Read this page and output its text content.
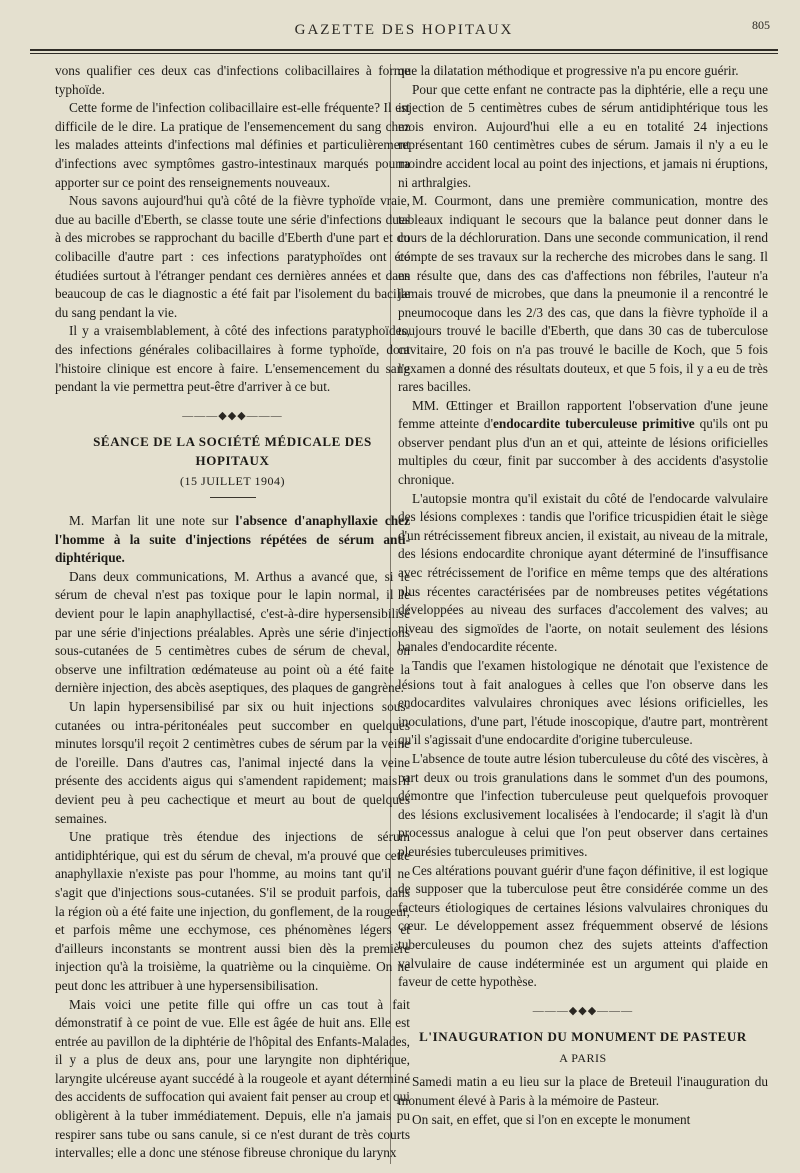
GAZETTE DES HOPITAUX	805

vons qualifier ces deux cas d'infections colibacillaires à forme typhoïde.

Cette forme de l'infection colibacillaire est-elle fréquente? Il est difficile de le dire. La pratique de l'ensemencement du sang chez les malades atteints d'infections mal définies et particulièrement d'infections avec symptômes gastro-intestinaux marqués pourra apporter sur ce point des renseignements nouveaux.

Nous savons aujourd'hui qu'à côté de la fièvre typhoïde vraie, due au bacille d'Eberth, se classe toute une série d'infections dues à des microbes se rapprochant du bacille d'Eberth d'une part et du colibacille d'autre part : ces infections paratyphoïdes ont été étudiées surtout à l'étranger pendant ces dernières années et dans beaucoup de cas le diagnostic a été fait par l'isolement du bacille du sang pendant la vie.

Il y a vraisemblablement, à côté des infections paratyphoïdes, des infections générales colibacillaires à forme typhoïde, dont l'histoire clinique est encore à faire. L'ensemencement du sang pendant la vie permettra peut-être d'arriver à ce but.

———◆◆◆———
SÉANCE DE LA SOCIÉTÉ MÉDICALE DES HOPITAUX
(15 JUILLET 1904)

M. Marfan lit une note sur l'absence d'anaphyllaxie chez l'homme à la suite d'injections répétées de sérum anti-diphtérique.

Dans deux communications, M. Arthus a avancé que, si le sérum de cheval n'est pas toxique pour le lapin normal, il le devient pour le lapin anaphyllactisé, c'est-à-dire hypersensibilisé par une série d'injections préalables. Après une série d'injections sous-cutanées de 5 centimètres cubes de sérum de cheval, on observe une infiltration œdémateuse au point où a été faite la dernière injection, des abcès aseptiques, des plaques de gangrène.

Un lapin hypersensibilisé par six ou huit injections sous-cutanées ou intra-péritonéales peut succomber en quelques minutes lorsqu'il reçoit 2 centimètres cubes de sérum par la veine de l'oreille. Dans d'autres cas, l'animal injecté dans la veine présente des accidents aigus qui s'amendent rapidement; mais il devient peu à peu cachectique et meurt au bout de quelques semaines.

Une pratique très étendue des injections de sérum antidiphtérique, qui est du sérum de cheval, m'a prouvé que cette anaphyllaxie n'existe pas pour l'homme, au moins tant qu'il ne s'agit que d'injections sous-cutanées. S'il se produit parfois, dans la région où a été faite une injection, du gonflement, de la rougeur, et parfois même une ecchymose, ces phénomènes légers et d'ailleurs inconstants se montrent aussi bien dès la première injection qu'à la troisième, la quatrième ou la cinquième. On ne peut donc les attribuer à une hypersensibilisation.

Mais voici une petite fille qui offre un cas tout à fait démonstratif à ce point de vue. Elle est âgée de huit ans. Elle est entrée au pavillon de la diphtérie de l'hôpital des Enfants-Malades, il y a plus de deux ans, pour une laryngite non diphtérique, laryngite ulcéreuse ayant succédé à la rougeole et ayant déterminé des accidents de suffocation qui avaient fait penser au croup et qui obligèrent à la tuber immédiatement. Depuis, elle n'a jamais pu respirer sans tube ou sans canule, si ce n'est durant de très courts intervalles; elle a donc une sténose fibreuse chronique du larynx

que la dilatation méthodique et progressive n'a pu encore guérir.

Pour que cette enfant ne contracte pas la diphtérie, elle a reçu une injection de 5 centimètres cubes de sérum antidiphtérique tous les mois environ. Aujourd'hui elle a eu en totalité 24 injections représentant 160 centimètres cubes de sérum. Jamais il n'y a eu le moindre accident local au point des injections, et jamais ni éruptions, ni arthralgies.

M. Courmont, dans une première communication, montre des tableaux indiquant le secours que la balance peut donner dans le cours de la déchloruration. Dans une seconde communication, il rend compte de ses travaux sur la recherche des microbes dans le sang. Il en résulte que, dans des cas d'affections non fébriles, l'auteur n'a jamais trouvé de microbes, que dans la pneumonie il a rencontré le pneumocoque dans les 2/3 des cas, que dans la fièvre typhoïde il a toujours trouvé le bacille d'Eberth, que dans 30 cas de tuberculose cavitaire, 20 fois on n'a pas trouvé le bacille de Koch, que 5 fois l'examen a donné des résultats douteux, et que 5 fois, il y a eu de très rares bacilles.

MM. Œttinger et Braillon rapportent l'observation d'une jeune femme atteinte d'endocardite tuberculeuse primitive qu'ils ont pu observer pendant plus d'un an et qui, atteinte de lésions orificielles multiples du cœur, finit par succomber à des accidents d'asystolie chronique.

L'autopsie montra qu'il existait du côté de l'endocarde valvulaire des lésions complexes : tandis que l'orifice tricuspidien était le siège d'un rétrécissement fibreux ancien, il existait, au niveau de la mitrale, des lésions endocardite chronique ayant déterminé de l'insuffisance avec rétrécissement de l'orifice en même temps que des altérations plus récentes caractérisées par de nombreuses petites végétations développées au niveau des surfaces d'accolement des valves; au niveau des sigmoïdes de l'aorte, on notait seulement des lésions banales d'endocardite récente.

Tandis que l'examen histologique ne dénotait que l'existence de lésions tout à fait analogues à celles que l'on observe dans les endocardites valvulaires chroniques avec lésions orificielles, les inoculations, d'une part, l'étude inoscopique, d'autre part, montrèrent qu'il s'agissait d'une endocardite d'origine tuberculeuse.

L'absence de toute autre lésion tuberculeuse du côté des viscères, à part deux ou trois granulations dans le sommet d'un des poumons, démontre que l'infection tuberculeuse peut quelquefois provoquer des lésions exclusivement localisées à l'endocarde; il s'agit là d'un processus analogue à celui que l'on peut observer dans certaines pleurésies tuberculeuses primitives.

Ces altérations pouvant guérir d'une façon définitive, il est logique de supposer que la tuberculose peut être considérée comme un des facteurs étiologiques de certaines lésions valvulaires chroniques du cœur. Le développement assez fréquemment observé de lésions tuberculeuses du poumon chez des sujets atteints d'affection valvulaire de cause indéterminée est un argument qui plaide en faveur de cette hypothèse.

———◆◆◆———
L'INAUGURATION DU MONUMENT DE PASTEUR
A PARIS

Samedi matin a eu lieu sur la place de Breteuil l'inauguration du monument élevé à Paris à la mémoire de Pasteur.

On sait, en effet, que si l'on en excepte le monument
